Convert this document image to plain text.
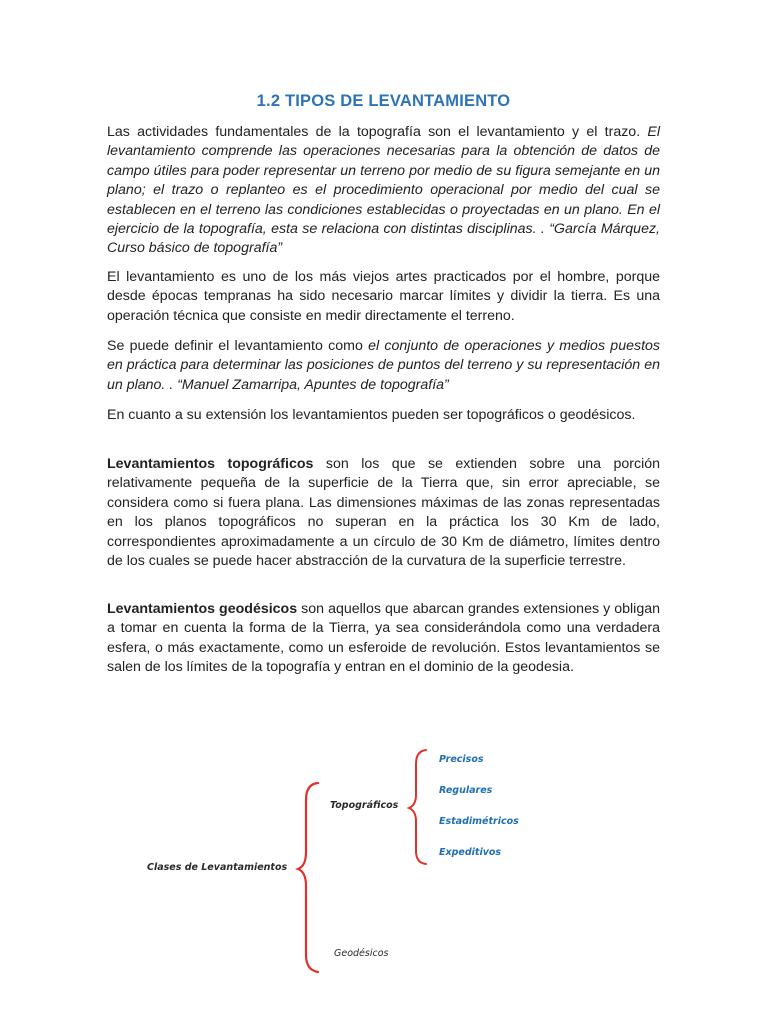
1.2 TIPOS DE LEVANTAMIENTO

Las actividades fundamentales de la topografía son el levantamiento y el trazo. El levantamiento comprende las operaciones necesarias para la obtención de datos de campo útiles para poder representar un terreno por medio de su figura semejante en un plano; el trazo o replanteo es el procedimiento operacional por medio del cual se establecen en el terreno las condiciones establecidas o proyectadas en un plano. En el ejercicio de la topografía, esta se relaciona con distintas disciplinas. . “García Márquez, Curso básico de topografía”

El levantamiento es uno de los más viejos artes practicados por el hombre, porque desde épocas tempranas ha sido necesario marcar límites y dividir la tierra. Es una operación técnica que consiste en medir directamente el terreno.

Se puede definir el levantamiento como el conjunto de operaciones y medios puestos en práctica para determinar las posiciones de puntos del terreno y su representación en un plano. . “Manuel Zamarripa, Apuntes de topografía”

En cuanto a su extensión los levantamientos pueden ser topográficos o geodésicos.

Levantamientos topográficos son los que se extienden sobre una porción relativamente pequeña de la superficie de la Tierra que, sin error apreciable, se considera como si fuera plana. Las dimensiones máximas de las zonas representadas en los planos topográficos no superan en la práctica los 30 Km de lado, correspondientes aproximadamente a un círculo de 30 Km de diámetro, límites dentro de los cuales se puede hacer abstracción de la curvatura de la superficie terrestre.

Levantamientos geodésicos son aquellos que abarcan grandes extensiones y obligan a tomar en cuenta la forma de la Tierra, ya sea considerándola como una verdadera esfera, o más exactamente, como un esferoide de revolución. Estos levantamientos se salen de los límites de la topografía y entran en el dominio de la geodesia.

Clases de Levantamientos
Topográficos
Geodésicos
Precisos
Regulares
Estadimétricos
Expeditivos
